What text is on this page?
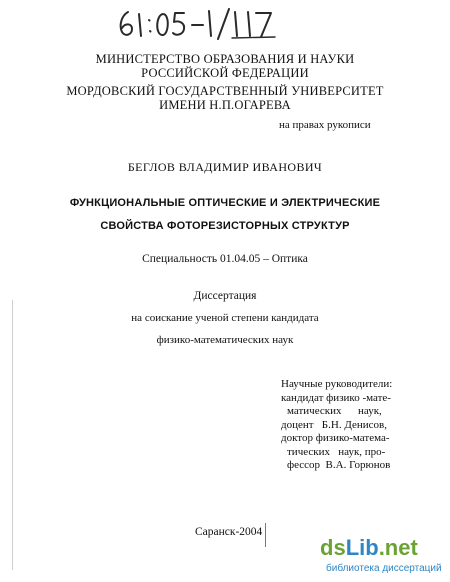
МИНИСТЕРСТВО ОБРАЗОВАНИЯ И НАУКИ
РОССИЙСКОЙ ФЕДЕРАЦИИ
МОРДОВСКИЙ ГОСУДАРСТВЕННЫЙ УНИВЕРСИТЕТ
ИМЕНИ Н.П.ОГАРЕВА
на правах рукописи
БЕГЛОВ ВЛАДИМИР ИВАНОВИЧ
ФУНКЦИОНАЛЬНЫЕ ОПТИЧЕСКИЕ И ЭЛЕКТРИЧЕСКИЕ
СВОЙСТВА ФОТОРЕЗИСТОРНЫХ СТРУКТУР
Специальность 01.04.05 – Оптика
Диссертация
на соискание ученой степени кандидата
физико-математических наук
Научные руководители:
кандидат физико -мате-
матических      наук,
доцент   Б.Н. Денисов,
доктор физико-матема-
тических   наук, про-
фессор  В.А. Горюнов
Саранск-2004
dsLib.net
библиотека диссертаций
